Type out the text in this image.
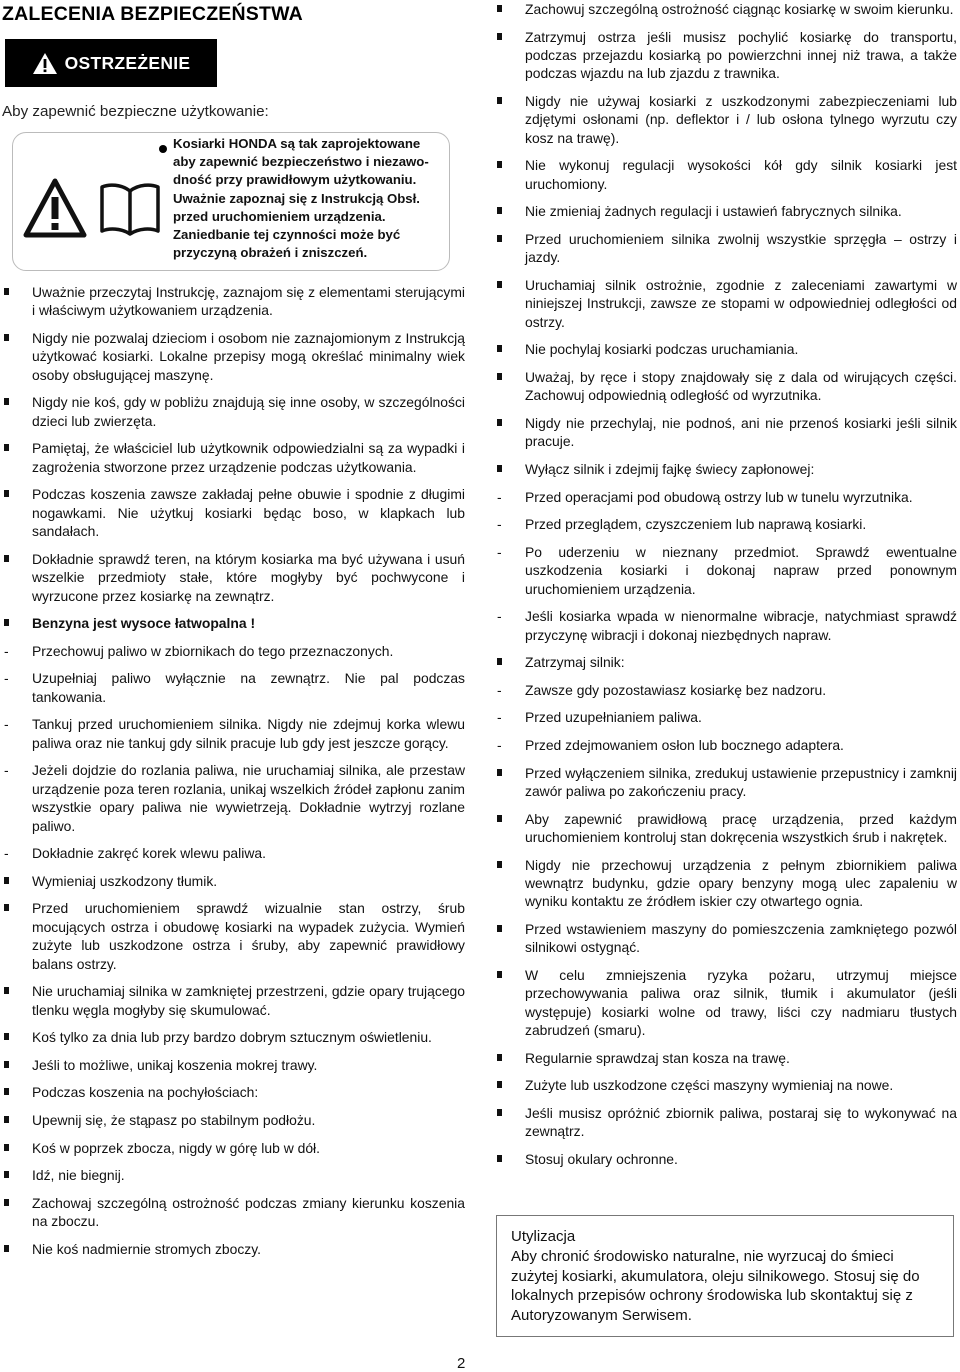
ZALECENIA BEZPIECZEŃSTWA
OSTRZEŻENIE
Aby zapewnić bezpieczne użytkowanie:
Kosiarki HONDA są tak zaprojektowane
aby zapewnić bezpieczeństwo i niezawo-
dność przy prawidłowym użytkowaniu.
Uważnie zapoznaj się z Instrukcją Obsł.
przed uruchomieniem urządzenia.
Zaniedbanie tej czynności może być
przyczyną obrażeń i zniszczeń.
Uważnie przeczytaj Instrukcję, zaznajom się z elementami sterującymi i właściwym użytkowaniem urządzenia.
Nigdy nie pozwalaj dzieciom i osobom nie zaznajomionym z Instrukcją użytkować kosiarki. Lokalne przepisy mogą określać minimalny wiek osoby obsługującej maszynę.
Nigdy nie koś, gdy w pobliżu znajdują się inne osoby, w szczególności dzieci lub zwierzęta.
Pamiętaj, że właściciel lub użytkownik odpowiedzialni są za wypadki i zagrożenia stworzone przez urządzenie podczas użytkowania.
Podczas koszenia zawsze zakładaj pełne obuwie i spodnie z długimi nogawkami. Nie użytkuj kosiarki będąc boso, w klapkach lub sandałach.
Dokładnie sprawdź teren, na którym kosiarka ma być używana i usuń wszelkie przedmioty stałe, które mogłyby być pochwycone i wyrzucone przez kosiarkę na zewnątrz.
Benzyna jest wysoce łatwopalna !
- Przechowuj paliwo w zbiornikach do tego przeznaczonych.
- Uzupełniaj paliwo wyłącznie na zewnątrz. Nie pal podczas tankowania.
- Tankuj przed uruchomieniem silnika. Nigdy nie zdejmuj korka wlewu paliwa oraz nie tankuj gdy silnik pracuje lub gdy jest jeszcze gorący.
- Jeżeli dojdzie do rozlania paliwa, nie uruchamiaj silnika, ale przestaw urządzenie poza teren rozlania, unikaj wszelkich źródeł zapłonu zanim wszystkie opary paliwa nie wywietrzeją. Dokładnie wytrzyj rozlane paliwo.
- Dokładnie zakręć korek wlewu paliwa.
Wymieniaj uszkodzony tłumik.
Przed uruchomieniem sprawdź wizualnie stan ostrzy, śrub mocujących ostrza i obudowę kosiarki na wypadek zużycia. Wymień zużyte lub uszkodzone ostrza i śruby, aby zapewnić prawidłowy balans ostrzy.
Nie uruchamiaj silnika w zamkniętej przestrzeni, gdzie opary trującego tlenku węgla mogłyby się skumulować.
Koś tylko za dnia lub przy bardzo dobrym sztucznym oświetleniu.
Jeśli to możliwe, unikaj koszenia mokrej trawy.
Podczas koszenia na pochyłościach:
Upewnij się, że stąpasz po stabilnym podłożu.
Koś w poprzek zbocza, nigdy w górę lub w dół.
Idź, nie biegnij.
Zachowaj szczególną ostrożność podczas zmiany kierunku koszenia na zboczu.
Nie koś nadmiernie stromych zboczy.
Zachowuj szczególną ostrożność ciągnąc kosiarkę w swoim kierunku.
Zatrzymuj ostrza jeśli musisz pochylić kosiarkę do transportu, podczas przejazdu kosiarką po powierzchni innej niż trawa, a także podczas wjazdu na lub zjazdu z trawnika.
Nigdy nie używaj kosiarki z uszkodzonymi zabezpieczeniami lub zdjętymi osłonami (np. deflektor i / lub osłona tylnego wyrzutu czy kosz na trawę).
Nie wykonuj regulacji wysokości kół gdy silnik kosiarki jest uruchomiony.
Nie zmieniaj żadnych regulacji i ustawień fabrycznych silnika.
Przed uruchomieniem silnika zwolnij wszystkie sprzęgła – ostrzy i jazdy.
Uruchamiaj silnik ostrożnie, zgodnie z zaleceniami zawartymi w niniejszej Instrukcji, zawsze ze stopami w odpowiedniej odległości od ostrzy.
Nie pochylaj kosiarki podczas uruchamiania.
Uważaj, by ręce i stopy znajdowały się z dala od wirujących części. Zachowuj odpowiednią odległość od wyrzutnika.
Nigdy nie przechylaj, nie podnoś, ani nie przenoś kosiarki jeśli silnik pracuje.
Wyłącz silnik i zdejmij fajkę świecy zapłonowej:
- Przed operacjami pod obudową ostrzy lub w tunelu wyrzutnika.
- Przed przeglądem, czyszczeniem lub naprawą kosiarki.
- Po uderzeniu w nieznany przedmiot. Sprawdź ewentualne uszkodzenia kosiarki i dokonaj napraw przed ponownym uruchomieniem urządzenia.
- Jeśli kosiarka wpada w nienormalne wibracje, natychmiast sprawdź przyczynę wibracji i dokonaj niezbędnych napraw.
Zatrzymaj silnik:
- Zawsze gdy pozostawiasz kosiarkę bez nadzoru.
- Przed uzupełnianiem paliwa.
- Przed zdejmowaniem osłon lub bocznego adaptera.
Przed wyłączeniem silnika, zredukuj ustawienie przepustnicy i zamknij zawór paliwa po zakończeniu pracy.
Aby zapewnić prawidłową pracę urządzenia, przed każdym uruchomieniem kontroluj stan dokręcenia wszystkich śrub i nakrętek.
Nigdy nie przechowuj urządzenia z pełnym zbiornikiem paliwa wewnątrz budynku, gdzie opary benzyny mogą ulec zapaleniu w wyniku kontaktu ze źródłem iskier czy otwartego ognia.
Przed wstawieniem maszyny do pomieszczenia zamkniętego pozwól silnikowi ostygnąć.
W celu zmniejszenia ryzyka pożaru, utrzymuj miejsce przechowywania paliwa oraz silnik, tłumik i akumulator (jeśli występuje) kosiarki wolne od trawy, liści czy nadmiaru tłustych zabrudzeń (smaru).
Regularnie sprawdzaj stan kosza na trawę.
Zużyte lub uszkodzone części maszyny wymieniaj na nowe.
Jeśli musisz opróżnić zbiornik paliwa, postaraj się to wykonywać na zewnątrz.
Stosuj okulary ochronne.
Utylizacja
Aby chronić środowisko naturalne, nie wyrzucaj do śmieci zużytej kosiarki, akumulatora, oleju silnikowego. Stosuj się do lokalnych przepisów ochrony środowiska lub skontaktuj się z Autoryzowanym Serwisem.
2
